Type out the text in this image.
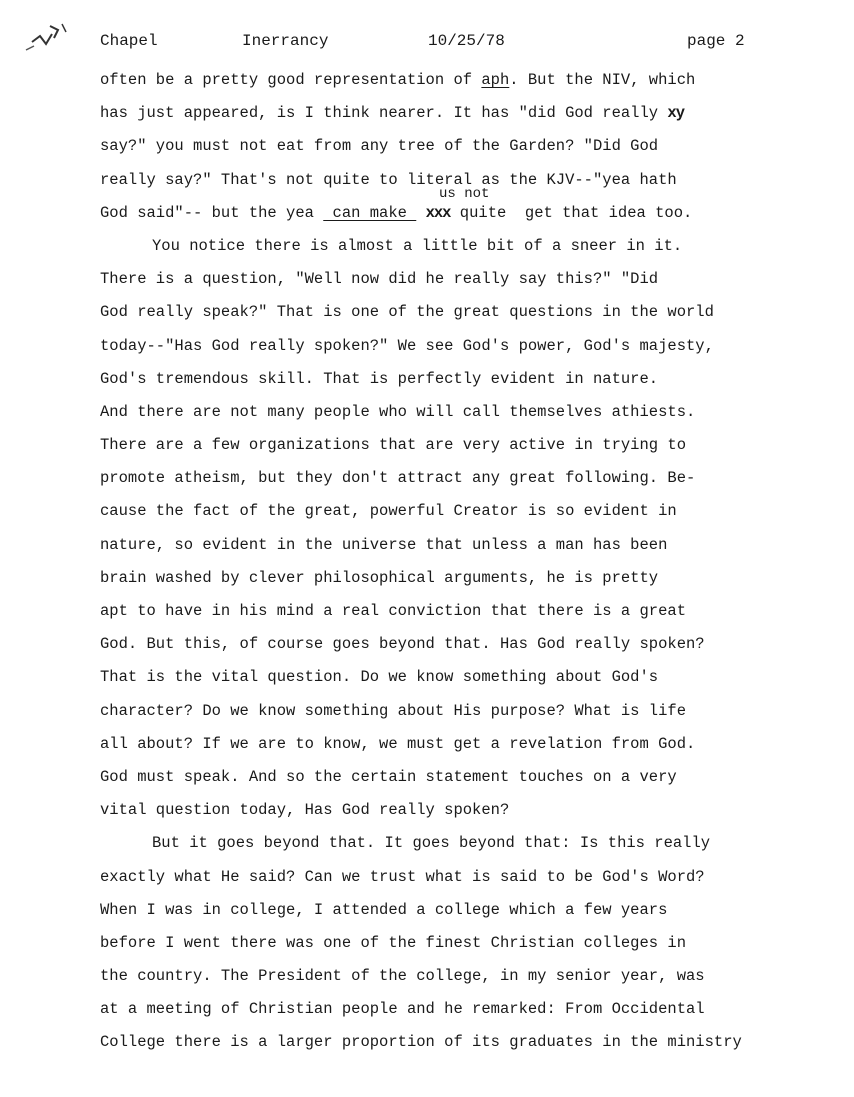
Chapel	Inerrancy	10/25/78	page 2
often be a pretty good representation of aph. But the NIV, which
has just appeared, is I think nearer. It has "did God really xy
say?" you must not eat from any tree of the Garden? "Did God
really say?" That's not quite to literal as the KJV--"yea hath
us not
God said"-- but the yea  can make  xxx quite  get that idea too.
You notice there is almost a little bit of a sneer in it.
There is a question, "Well now did he really say this?" "Did
God really speak?" That is one of the great questions in the world
today--"Has God really spoken?" We see God's power, God's majesty,
God's tremendous skill. That is perfectly evident in nature.
And there are not many people who will call themselves athiests.
There are a few organizations that are very active in trying to
promote atheism, but they don't attract any great following. Be-
cause the fact of the great, powerful Creator is so evident in
nature, so evident in the universe that unless a man has been
brain washed by clever philosophical arguments, he is pretty
apt to have in his mind a real conviction that there is a great
God. But this, of course goes beyond that. Has God really spoken?
That is the vital question. Do we know something about God's
character? Do we know something about His purpose? What is life
all about? If we are to know, we must get a revelation from God.
God must speak. And so the certain statement touches on a very
vital question today, Has God really spoken?
But it goes beyond that. It goes beyond that: Is this really
exactly what He said? Can we trust what is said to be God's Word?
When I was in college, I attended a college which a few years
before I went there was one of the finest Christian colleges in
the country. The President of the college, in my senior year, was
at a meeting of Christian people and he remarked: From Occidental
College there is a larger proportion of its graduates in the ministry
